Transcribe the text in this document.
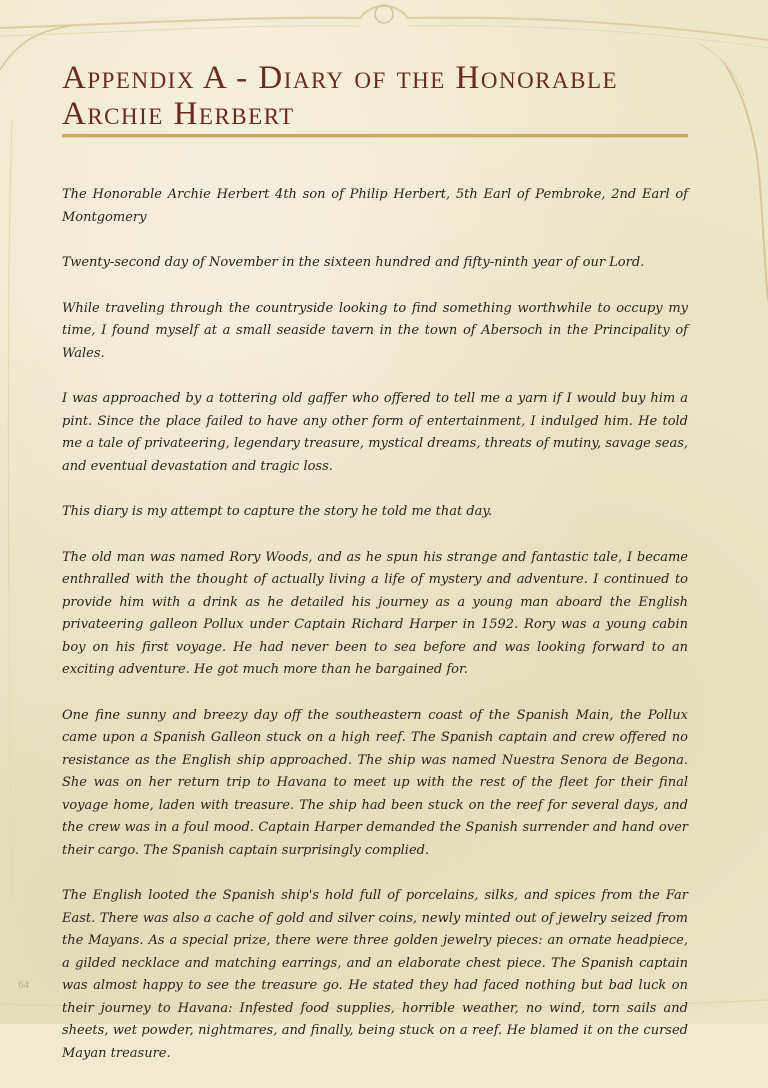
Appendix A - Diary of the Honorable Archie Herbert

The Honorable Archie Herbert 4th son of Philip Herbert, 5th Earl of Pembroke, 2nd Earl of Montgomery

Twenty-second day of November in the sixteen hundred and fifty-ninth year of our Lord.

While traveling through the countryside looking to find something worthwhile to occupy my time, I found myself at a small seaside tavern in the town of Abersoch in the Principality of Wales.

I was approached by a tottering old gaffer who offered to tell me a yarn if I would buy him a pint. Since the place failed to have any other form of entertainment, I indulged him. He told me a tale of privateering, legendary treasure, mystical dreams, threats of mutiny, savage seas, and eventual devastation and tragic loss.

This diary is my attempt to capture the story he told me that day.

The old man was named Rory Woods, and as he spun his strange and fantastic tale, I became enthralled with the thought of actually living a life of mystery and adventure. I continued to provide him with a drink as he detailed his journey as a young man aboard the English privateering galleon Pollux under Captain Richard Harper in 1592. Rory was a young cabin boy on his first voyage. He had never been to sea before and was looking forward to an exciting adventure. He got much more than he bargained for.

One fine sunny and breezy day off the southeastern coast of the Spanish Main, the Pollux came upon a Spanish Galleon stuck on a high reef. The Spanish captain and crew offered no resistance as the English ship approached. The ship was named Nuestra Senora de Begona. She was on her return trip to Havana to meet up with the rest of the fleet for their final voyage home, laden with treasure. The ship had been stuck on the reef for several days, and the crew was in a foul mood. Captain Harper demanded the Spanish surrender and hand over their cargo. The Spanish captain surprisingly complied.

The English looted the Spanish ship's hold full of porcelains, silks, and spices from the Far East. There was also a cache of gold and silver coins, newly minted out of jewelry seized from the Mayans. As a special prize, there were three golden jewelry pieces: an ornate headpiece, a gilded necklace and matching earrings, and an elaborate chest piece. The Spanish captain was almost happy to see the treasure go. He stated they had faced nothing but bad luck on their journey to Havana: Infested food supplies, horrible weather, no wind, torn sails and sheets, wet powder, nightmares, and finally, being stuck on a reef. He blamed it on the cursed Mayan treasure.

64
